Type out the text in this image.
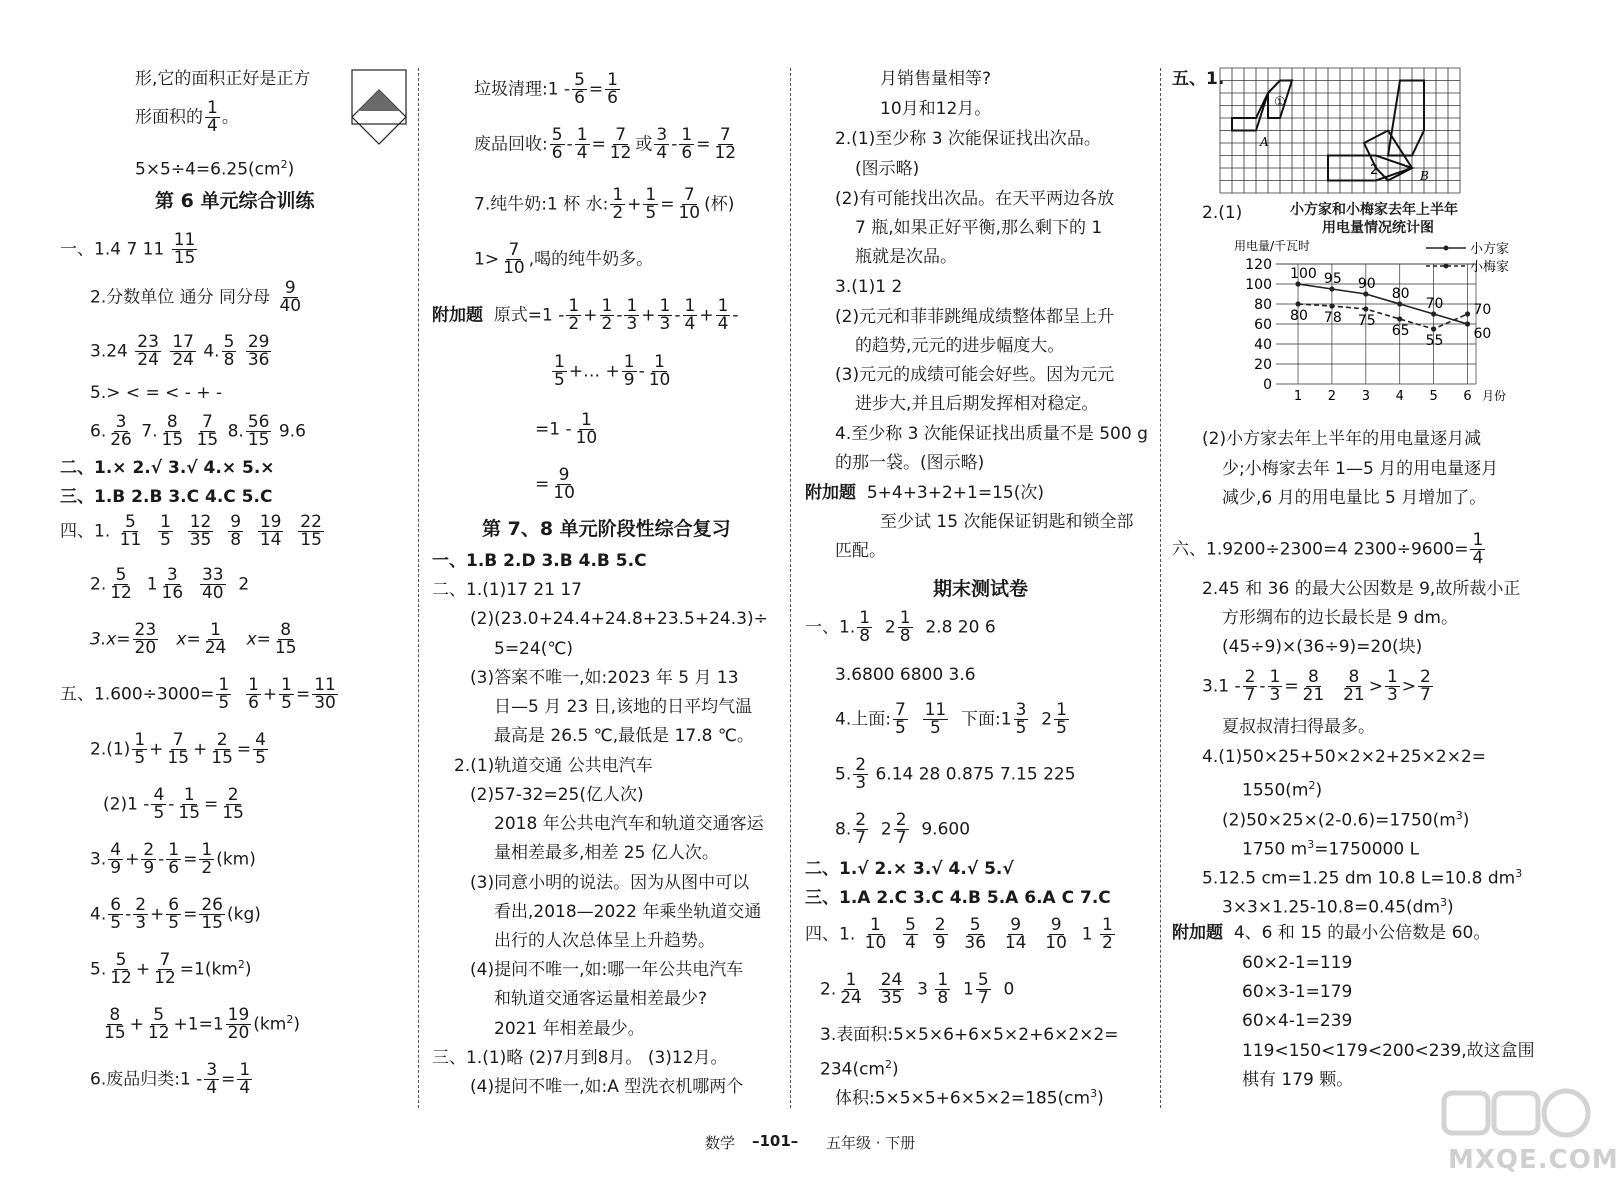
形,它的面积正好是正方
形面积的 $\frac{1}{4}$ 。
$5\times 5\div 4=6.25(cm^2)$
第 6 单元综合训练
一、1.4 7 $11 \frac{11}{15}$
2.分数单位 通分 同分母 $\frac{9}{40}$
$3.24 \frac{23}{24}$
$\frac{17}{24} 4$. $\frac{5}{8}$
$\frac{29}{36}$
5.> < = < - + -
6. $\frac{3}{26} 7$. $\frac{8}{15}$
$\frac{7}{15} 8$. $\frac{56}{15} 9.6$
二、1.× 2.√ 3.√ 4.× 5.×
三、1.B 2.B 3.C 4.C 5.C
四、1. $\frac{5}{11}$
$\frac{1}{5}$
$\frac{12}{35}$
$\frac{9}{8}$
$\frac{19}{14}$
$\frac{22}{15}$
2. $\frac{5}{12} 1 \frac{3}{16}$
$\frac{33}{40} 2$
$3.x= \frac{23}{20} x= \frac{1}{24} x= \frac{8}{15}$
五、$1.600\div 3000= \frac{1}{5}$
$\frac{1}{6} + \frac{1}{5} = \frac{11}{30}$
$2.(1) \frac{1}{5} + \frac{7}{15} + \frac{2}{15} = \frac{4}{5}$
$(2)1 - \frac{4}{5} - \frac{1}{15} = \frac{2}{15}$
3. $\frac{4}{9} + \frac{2}{9} - \frac{1}{6} = \frac{1}{2} (km)$
4. $\frac{6}{5} - \frac{2}{3} + \frac{6}{5} = \frac{26}{15} (kg)$
5. $\frac{5}{12} + \frac{7}{12} =1(km^2)$
$\frac{8}{15} + \frac{5}{12} +1=1 \frac{19}{20} (km^2)$
6.废品归类:1 - $\frac{3}{4} = \frac{1}{4}$
垃圾清理:1 - $\frac{5}{6} = \frac{1}{6}$
废品回收: $\frac{5}{6} - \frac{1}{4} = \frac{7}{12}$ 或 $\frac{3}{4} - \frac{1}{6} = \frac{7}{12}$
7.纯牛奶:1 杯 水: $\frac{1}{2} + \frac{1}{5} = \frac{7}{10}$ (杯)
$1> \frac{7}{10}$ ,喝的纯牛奶多。
附加题 原式$=1 - \frac{1}{2} + \frac{1}{2} - \frac{1}{3} + \frac{1}{3} - \frac{1}{4} + \frac{1}{4}$ -
$\frac{1}{5}$ +… + $\frac{1}{9} - \frac{1}{10}$
$=1 - \frac{1}{10}$
= $\frac{9}{10}$
第 7、8 单元阶段性综合复习
一、1.B 2.D 3.B 4.B 5.C
二、1.(1)17 21 17
(2)(23.0+24.4+24.8+23.5+24.3)÷
5=24(℃)
(3)答案不唯一,如:2023 年 5 月 13
日—5 月 23 日,该地的日平均气温
最高是 26.5 ℃,最低是 17.8 ℃。
2.(1)轨道交通 公共电汽车
(2)57-32=25(亿人次)
2018 年公共电汽车和轨道交通客运
量相差最多,相差 25 亿人次。
(3)同意小明的说法。因为从图中可以
看出,2018—2022 年乘坐轨道交通
出行的人次总体呈上升趋势。
(4)提问不唯一,如:哪一年公共电汽车
和轨道交通客运量相差最少?
2021 年相差最少。
三、1.(1)略 (2)7月到8月。 (3)12月。
(4)提问不唯一,如:A 型洗衣机哪两个
月销售量相等?
10月和12月。
2.(1)至少称 3 次能保证找出次品。
(图示略)
(2)有可能找出次品。在天平两边各放
7 瓶,如果正好平衡,那么剩下的 1
瓶就是次品。
3.(1)1 2
(2)元元和菲菲跳绳成绩整体都呈上升
的趋势,元元的进步幅度大。
(3)元元的成绩可能会好些。因为元元
进步大,并且后期发挥相对稳定。
4.至少称 3 次能保证找出质量不是 500 g
的那一袋。(图示略)
附加题 5+4+3+2+1=15(次)
至少试 15 次能保证钥匙和锁全部
匹配。
期末测试卷
一、1. $\frac{1}{8} 2 \frac{1}{8} 2.8$ 20 6
3.6800 6800 3.6
4.上面: $\frac{7}{5}$
$\frac{11}{5}$ 下面:1 $\frac{3}{5} 2 \frac{1}{5}$
5. $\frac{2}{3} 6.14$ 28 0.875 7.15 225
8. $\frac{2}{7} 2 \frac{2}{7} 9.600$
二、1.√ 2.× 3.√ 4.√ 5.√
三、1.A 2.C 3.C 4.B 5.A 6.A C 7.C
四、1. $\frac{1}{10}$
$\frac{5}{4}$
$\frac{2}{9}$
$\frac{5}{36}$
$\frac{9}{14}$
$\frac{9}{10} 1 \frac{1}{2}$
2. $\frac{1}{24}$
$\frac{24}{35} 3 \frac{1}{8} 1 \frac{5}{7} 0$
3.表面积:5×5×6+6×5×2+6×2×2=
$234(cm^2)$
体积$:5\times 5\times 5+6\times 5\times 2=185(cm^3)$
五、1.
①
2
A
B
2.(1)	小方家和小梅家去年上半年
用电量情况统计图
0
20
40
60
80
100
120
1 2 3 4 5 6
用电量/千瓦时
月份
小方家
小梅家
100 95 90
80
70
60
80 78 75
65
55
70
(2)小方家去年上半年的用电量逐月减
少;小梅家去年 1—5 月的用电量逐月
减少,6 月的用电量比 5 月增加了。
六、1.9200÷2300=4 $2300\div 9600= \frac{1}{4}$
2.45 和 36 的最大公因数是 9,故所裁小正
方形绸布的边长最长是 9 dm。
(45÷9)×(36÷9)=20(块)
$3.1 - \frac{2}{7} - \frac{1}{3} = \frac{8}{21}$
$\frac{8}{21} > \frac{1}{3} > \frac{2}{7}$
夏叔叔清扫得最多。
4.(1)50×25+50×2×2+25×2×2=
$1550(m^2)$
$(2)50\times 25\times(2-0.6)=1750(m^3)$
1750 $m^3=1750000$ L
5.12.5 cm=1.25 dm 10.8 L=10.8 $dm^3$
$3\times 3\times 1.25-10.8=0.45(dm^3)$
附加题 4、6 和 15 的最小公倍数是 60。
60×2-1=119
60×3-1=179
60×4-1=239
119<150<179<200<239,故这盒围
棋有 179 颗。
数学 –101– 五年级 · 下册
MXQE.COM
